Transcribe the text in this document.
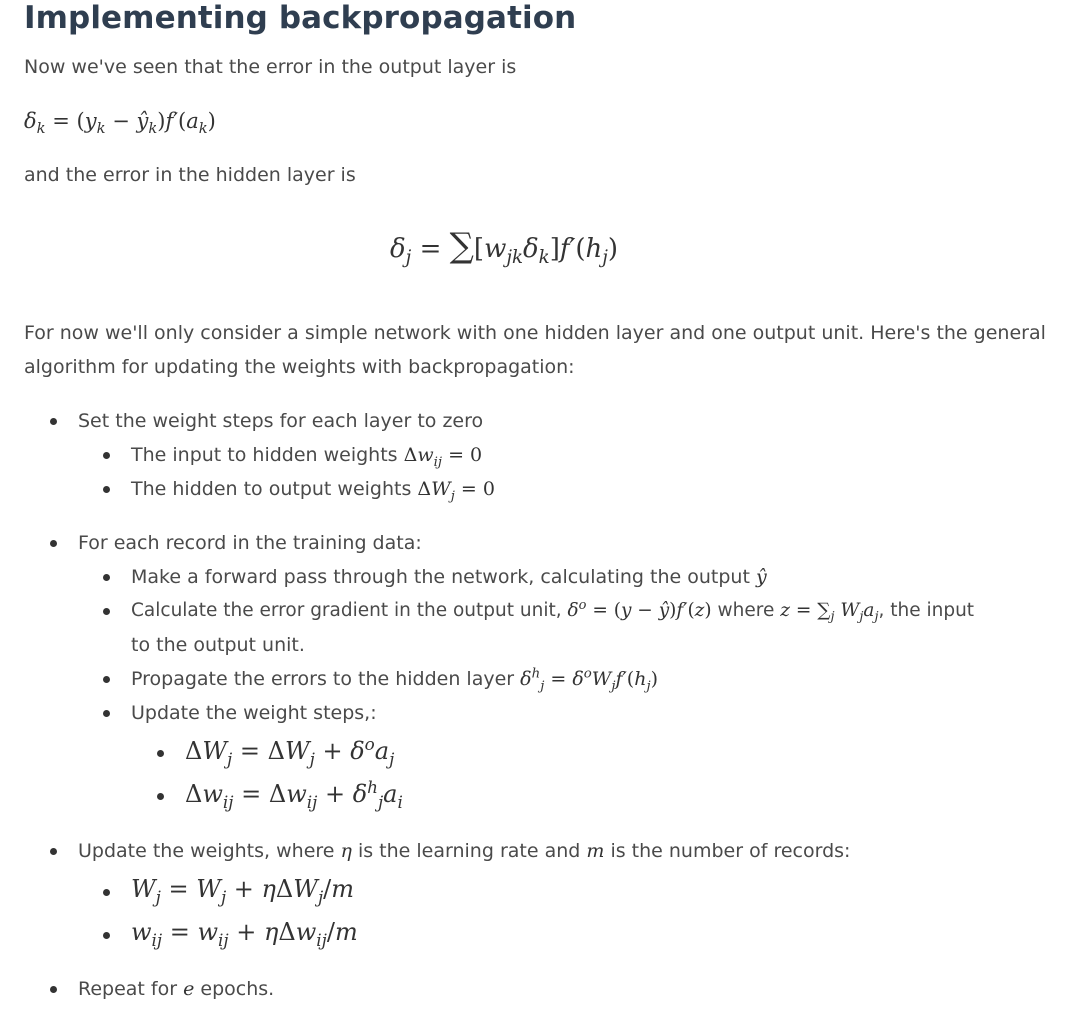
Implementing backpropagation

Now we've seen that the error in the output layer is

$\delta_k = (y_k$ − $ŷ_k)f'(a_k)$

and the error in the hidden layer is

$\delta_j = \sum[w_{jk}\delta_k]f'(h_j)$

For now we'll only consider a simple network with one hidden layer and one output unit. Here's the general

algorithm for updating the weights with backpropagation:

Set the weight steps for each layer to zero
The input to hidden weights $\Delta w_{ij} = 0$
The hidden to output weights $\Delta W_j = 0$
For each record in the training data:
Make a forward pass through the network, calculating the output ŷ
Calculate the error gradient in the output unit, $\delta^o = (y$ − ŷ)f′(z) where $z = \sum_j$ $W_ja_j$, the input
to the output unit.
Propagate the errors to the hidden layer $\delta^h_j = \delta^oW_jf'(h_j)$
Update the weight steps,:
$\Delta W_j = \Delta W_j + \delta^oa_j$
$\Delta w_{ij} = \Delta w_{ij} + \delta^h_ja_i$
Update the weights, where η is the learning rate and m is the number of records:
$W_j = W_j + \eta\Delta W_j/m$
$w_{ij} = w_{ij} + \eta\Delta w_{ij}/m$
Repeat for e epochs.
